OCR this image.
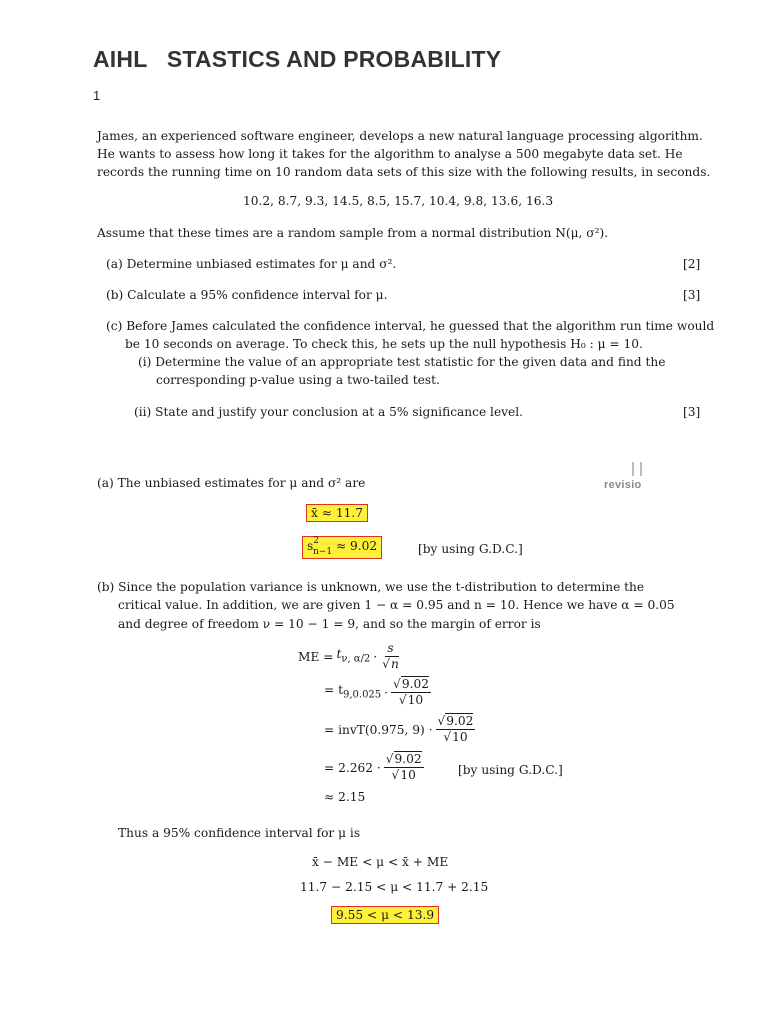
AIHL   STASTICS AND PROBABILITY
1
James, an experienced software engineer, develops a new natural language processing algorithm.
He wants to assess how long it takes for the algorithm to analyse a 500 megabyte data set. He
records the running time on 10 random data sets of this size with the following results, in seconds.
10.2, 8.7, 9.3, 14.5, 8.5, 15.7, 10.4, 9.8, 13.6, 16.3
Assume that these times are a random sample from a normal distribution N(μ, σ²).
(a) Determine unbiased estimates for μ and σ².	[2]
(b) Calculate a 95% confidence interval for μ.	[3]
(c) Before James calculated the confidence interval, he guessed that the algorithm run time would
be 10 seconds on average. To check this, he sets up the null hypothesis H₀ : μ = 10.
(i) Determine the value of an appropriate test statistic for the given data and find the
corresponding p-value using a two-tailed test.
(ii) State and justify your conclusion at a 5% significance level.	[3]
revisio
(a) The unbiased estimates for μ and σ² are
x̄ ≈ 11.7
$s^2_{n-1} \approx 9.02$	[by using G.D.C.]
(b) Since the population variance is unknown, we use the t-distribution to determine the
critical value. In addition, we are given 1 − α = 0.95 and n = 10. Hence we have α = 0.05
and degree of freedom ν = 10 − 1 = 9, and so the margin of error is
ME = $t_{\nu, \alpha/2} \cdot \frac{s}{√n}$
= $t_{9,0.025} \cdot \frac{√9.02}{√10}$
= invT(0.975, $9) \cdot \frac{√9.02}{√10}$
= $2.262 \cdot \frac{√9.02}{√10}$	[by using G.D.C.]
≈ 2.15
Thus a 95% confidence interval for μ is
x̄ − ME < μ < x̄ + ME
11.7 − 2.15 < μ < 11.7 + 2.15
9.55 < μ < 13.9
